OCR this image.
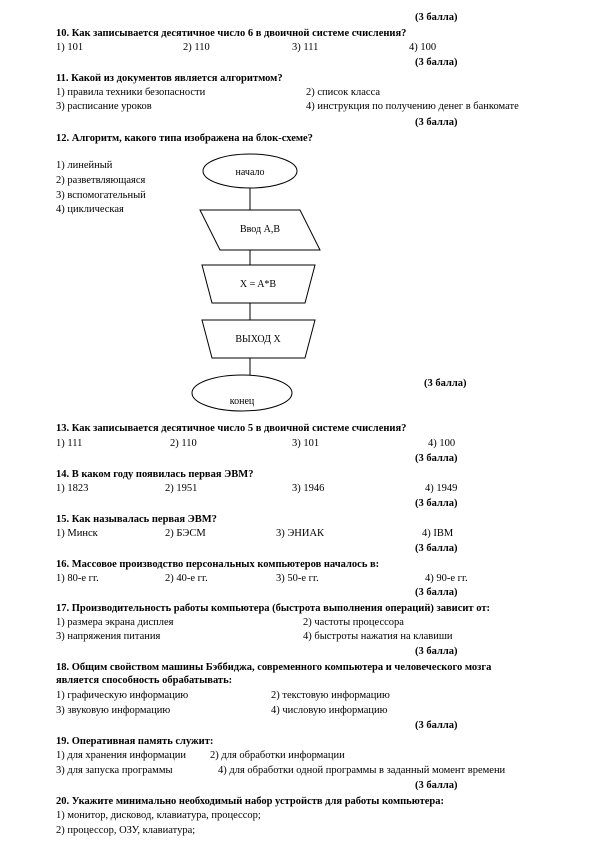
(3 балла)
10. Как записывается десятичное число 6 в двоичной системе счисления?
1) 101	2) 110	3) 111	4) 100
(3 балла)
11. Какой из документов является алгоритмом?
1) правила техники безопасности	2) список класса
3) расписание уроков	4) инструкция по получению денег в банкомате
(3 балла)
12. Алгоритм, какого типа изображена на блок-схеме?
1) линейный
2) разветвляющаяся
3) вспомогательный
4) циклическая
начало
Ввод A,B
X = A*B
ВЫХОД X
конец
(3 балла)
13. Как записывается десятичное число 5 в двоичной системе счисления?
1) 111	2) 110	3) 101	4) 100
(3 балла)
14. В каком году появилась первая ЭВМ?
1) 1823	2) 1951	3) 1946	4) 1949
(3 балла)
15. Как называлась первая ЭВМ?
1) Минск	2) БЭСМ	3) ЭНИАК	4) IBM
(3 балла)
16. Массовое производство персональных компьютеров началось в:
1) 80-е гг.	2) 40-е гг.	3) 50-е гг.	4) 90-е гг.
(3 балла)
17. Производительность работы компьютера (быстрота выполнения операций) зависит от:
1) размера экрана дисплея	2) частоты процессора
3) напряжения питания	4) быстроты нажатия на клавиши
(3 балла)
18. Общим свойством машины Бэббиджа, современного компьютера и человеческого мозга
является способность обрабатывать:
1) графическую информацию	2) текстовую информацию
3) звуковую информацию	4) числовую информацию
(3 балла)
19. Оперативная память служит:
1) для хранения информации 2) для обработки информации
3) для запуска программы	4) для обработки одной программы в заданный момент времени
(3 балла)
20. Укажите минимально необходимый набор устройств для работы компьютера:
1) монитор, дисковод, клавиатура, процессор;
2) процессор, ОЗУ, клавиатура;
